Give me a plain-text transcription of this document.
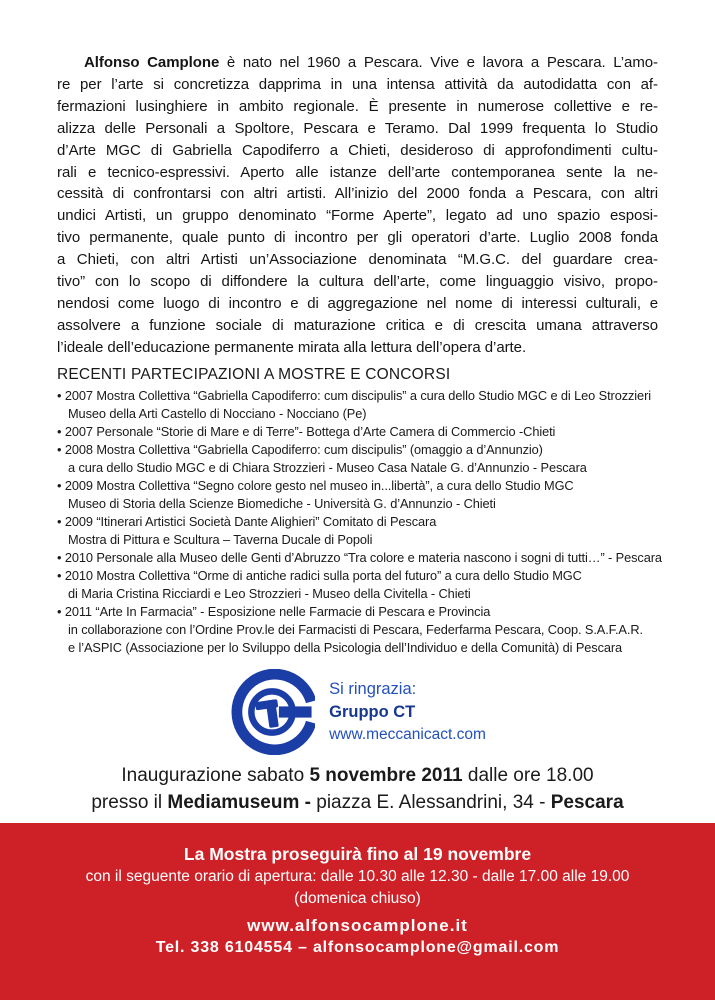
Alfonso Camplone è nato nel 1960 a Pescara. Vive e lavora a Pescara. L’amo-
re per l’arte si concretizza dapprima in una intensa attività da autodidatta con af-
fermazioni lusinghiere in ambito regionale. È presente in numerose collettive e re-
alizza delle Personali a Spoltore, Pescara e Teramo. Dal 1999 frequenta lo Studio
d’Arte MGC di Gabriella Capodiferro a Chieti, desideroso di approfondimenti cultu-
rali e tecnico-espressivi. Aperto alle istanze dell’arte contemporanea sente la ne-
cessità di confrontarsi con altri artisti. All’inizio del 2000 fonda a Pescara, con altri
undici Artisti, un gruppo denominato “Forme Aperte”, legato ad uno spazio esposi-
tivo permanente, quale punto di incontro per gli operatori d’arte. Luglio 2008 fonda
a Chieti, con altri Artisti un’Associazione denominata “M.G.C. del guardare crea-
tivo” con lo scopo di diffondere la cultura dell’arte, come linguaggio visivo, propo-
nendosi come luogo di incontro e di aggregazione nel nome di interessi culturali, e
assolvere a funzione sociale di maturazione critica e di crescita umana attraverso
l’ideale dell’educazione permanente mirata alla lettura dell’opera d’arte.
RECENTI PARTECIPAZIONI A MOSTRE E CONCORSI
• 2007 Mostra Collettiva “Gabriella Capodiferro: cum discipulis” a cura dello Studio MGC e di Leo Strozzieri
Museo della Arti Castello di Nocciano - Nocciano (Pe)
• 2007 Personale “Storie di Mare e di Terre”- Bottega d’Arte Camera di Commercio -Chieti
• 2008 Mostra Collettiva “Gabriella Capodiferro: cum discipulis” (omaggio a d’Annunzio)
a cura dello Studio MGC e di Chiara Strozzieri - Museo Casa Natale G. d’Annunzio - Pescara
• 2009 Mostra Collettiva “Segno colore gesto nel museo in...libertà”, a cura dello Studio MGC
Museo di Storia della Scienze Biomediche - Università G. d’Annunzio - Chieti
• 2009 “Itinerari Artistici Società Dante Alighieri” Comitato di Pescara
Mostra di Pittura e Scultura – Taverna Ducale di Popoli
• 2010 Personale alla Museo delle Genti d’Abruzzo “Tra colore e materia nascono i sogni di tutti…” - Pescara
• 2010 Mostra Collettiva “Orme di antiche radici sulla porta del futuro” a cura dello Studio MGC
di Maria Cristina Ricciardi e Leo Strozzieri - Museo della Civitella - Chieti
• 2011 “Arte In Farmacia” - Esposizione nelle Farmacie di Pescara e Provincia
in collaborazione con l’Ordine Prov.le dei Farmacisti di Pescara, Federfarma Pescara, Coop. S.A.F.A.R.
e l’ASPIC (Associazione per lo Sviluppo della Psicologia dell’Individuo e della Comunità) di Pescara
Si ringrazia:
Gruppo CT
www.meccanicact.com
Inaugurazione sabato 5 novembre 2011 dalle ore 18.00
presso il Mediamuseum - piazza E. Alessandrini, 34 - Pescara
La Mostra proseguirà fino al 19 novembre
con il seguente orario di apertura: dalle 10.30 alle 12.30 - dalle 17.00 alle 19.00
(domenica chiuso)
www.alfonsocamplone.it
Tel. 338 6104554 – alfonsocamplone@gmail.com
